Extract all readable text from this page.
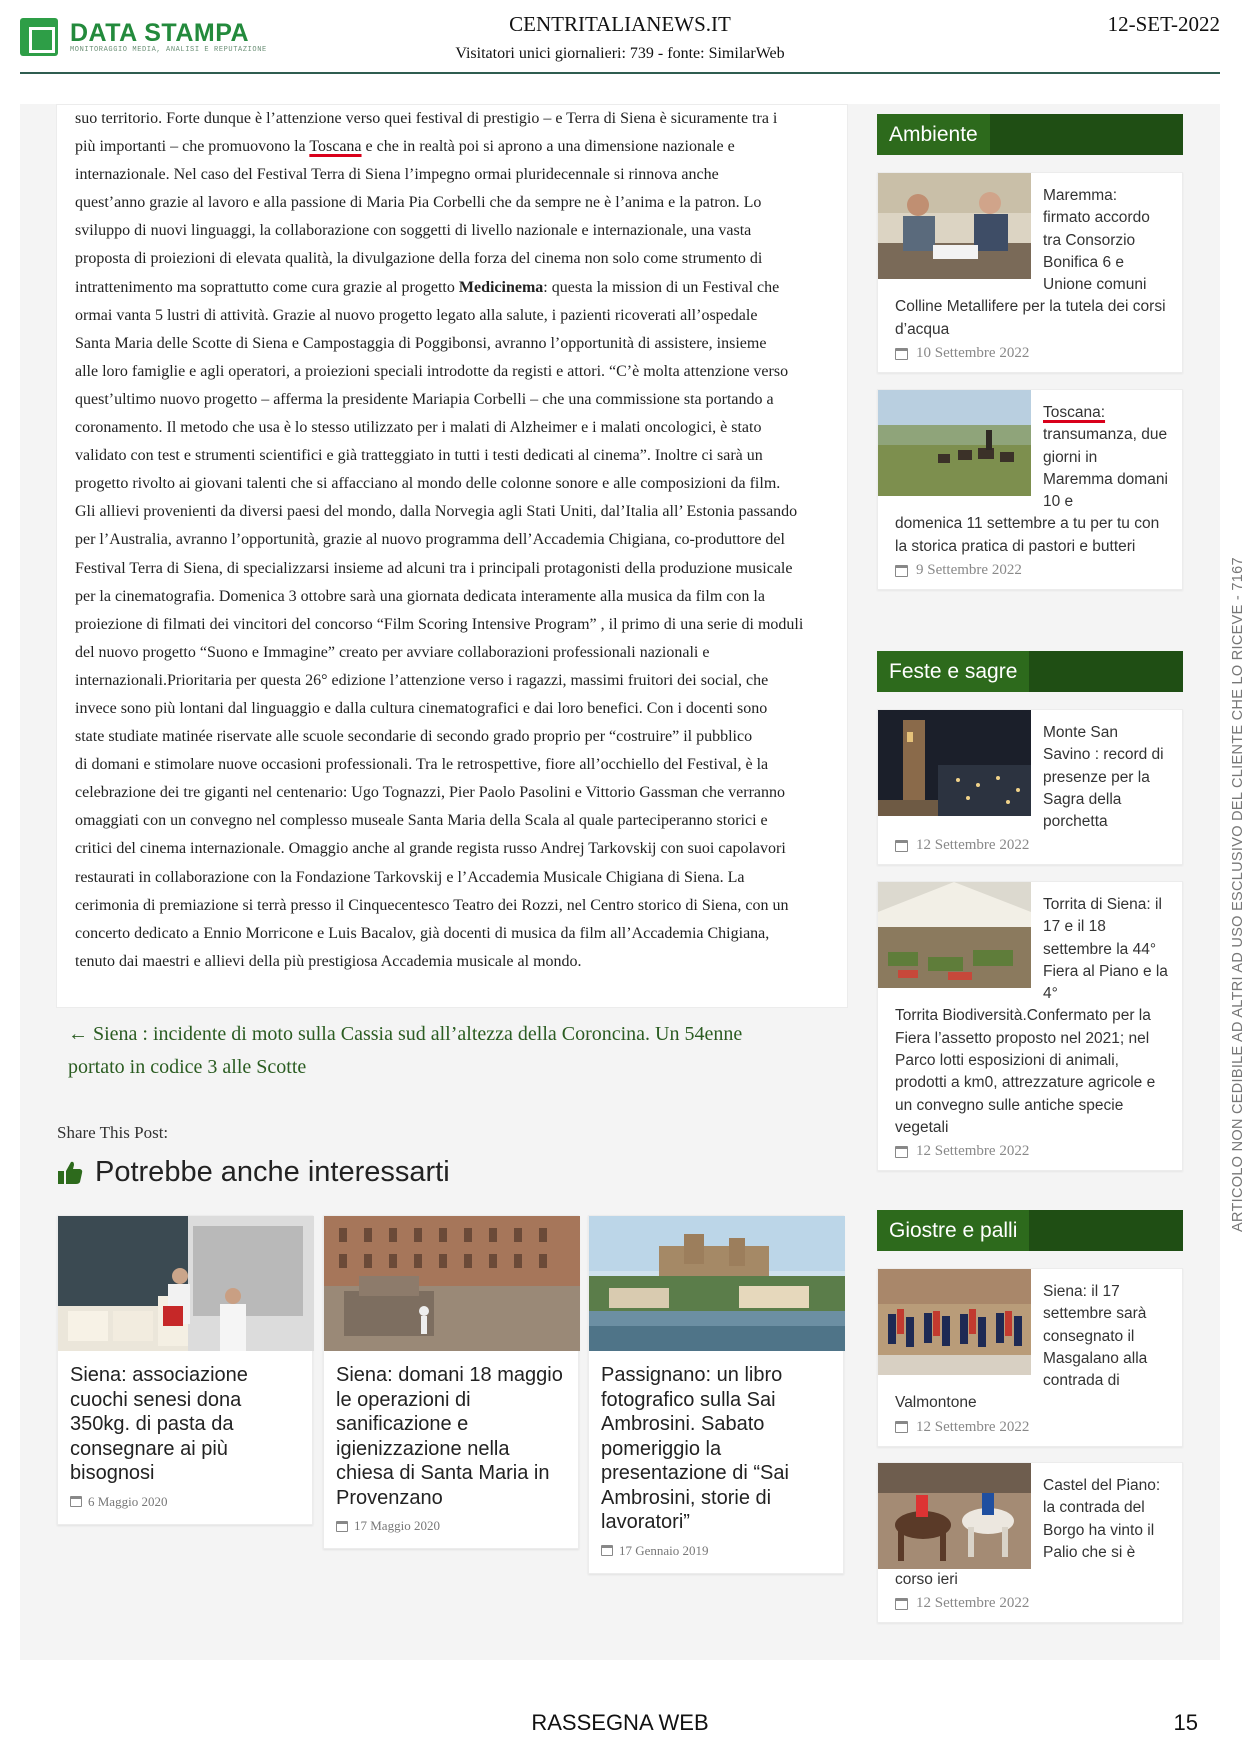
DATA STAMPA
MONITORAGGIO MEDIA, ANALISI E REPUTAZIONE
CENTRITALIANEWS.IT
Visitatori unici giornalieri: 739 - fonte: SimilarWeb
12-SET-2022
suo territorio. Forte dunque è l’attenzione verso quei festival di prestigio – e Terra di Siena è sicuramente tra i
più importanti – che promuovono la Toscana e che in realtà poi si aprono a una dimensione nazionale e
internazionale. Nel caso del Festival Terra di Siena l’impegno ormai pluridecennale si rinnova anche
quest’anno grazie al lavoro e alla passione di Maria Pia Corbelli che da sempre ne è l’anima e la patron. Lo
sviluppo di nuovi linguaggi, la collaborazione con soggetti di livello nazionale e internazionale, una vasta
proposta di proiezioni di elevata qualità, la divulgazione della forza del cinema non solo come strumento di
intrattenimento ma soprattutto come cura grazie al progetto Medicinema: questa la mission di un Festival che
ormai vanta 5 lustri di attività. Grazie al nuovo progetto legato alla salute, i pazienti ricoverati all’ospedale
Santa Maria delle Scotte di Siena e Campostaggia di Poggibonsi, avranno l’opportunità di assistere, insieme
alle loro famiglie e agli operatori, a proiezioni speciali introdotte da registi e attori. “C’è molta attenzione verso
quest’ultimo nuovo progetto – afferma la presidente Mariapia Corbelli – che una commissione sta portando a
coronamento. Il metodo che usa è lo stesso utilizzato per i malati di Alzheimer e i malati oncologici, è stato
validato con test e strumenti scientifici e già tratteggiato in tutti i testi dedicati al cinema”. Inoltre ci sarà un
progetto rivolto ai giovani talenti che si affacciano al mondo delle colonne sonore e alle composizioni da film.
Gli allievi provenienti da diversi paesi del mondo, dalla Norvegia agli Stati Uniti, dal’Italia all’ Estonia passando
per l’Australia, avranno l’opportunità, grazie al nuovo programma dell’Accademia Chigiana, co-produttore del
Festival Terra di Siena, di specializzarsi insieme ad alcuni tra i principali protagonisti della produzione musicale
per la cinematografia. Domenica 3 ottobre sarà una giornata dedicata interamente alla musica da film con la
proiezione di filmati dei vincitori del concorso “Film Scoring Intensive Program” , il primo di una serie di moduli
del nuovo progetto “Suono e Immagine” creato per avviare collaborazioni professionali nazionali e
internazionali.Prioritaria per questa 26° edizione l’attenzione verso i ragazzi, massimi fruitori dei social, che
invece sono più lontani dal linguaggio e dalla cultura cinematografici e dai loro benefici. Con i docenti sono
state studiate matinée riservate alle scuole secondarie di secondo grado proprio per “costruire” il pubblico
di domani e stimolare nuove occasioni professionali. Tra le retrospettive, fiore all’occhiello del Festival, è la
celebrazione dei tre giganti nel centenario: Ugo Tognazzi, Pier Paolo Pasolini e Vittorio Gassman che verranno
omaggiati con un convegno nel complesso museale Santa Maria della Scala al quale parteciperanno storici e
critici del cinema internazionale. Omaggio anche al grande regista russo Andrej Tarkovskij con suoi capolavori
restaurati in collaborazione con la Fondazione Tarkovskij e l’Accademia Musicale Chigiana di Siena. La
cerimonia di premiazione si terrà presso il Cinquecentesco Teatro dei Rozzi, nel Centro storico di Siena, con un
concerto dedicato a Ennio Morricone e Luis Bacalov, già docenti di musica da film all’Accademia Chigiana,
tenuto dai maestri e allievi della più prestigiosa Accademia musicale al mondo.
← Siena : incidente di moto sulla Cassia sud all’altezza della Coroncina. Un 54enne
portato in codice 3 alle Scotte
Share This Post:
Potrebbe anche interessarti
Siena: associazione cuochi senesi dona 350kg. di pasta da consegnare ai più bisognosi
6 Maggio 2020
Siena: domani 18 maggio le operazioni di sanificazione e igienizzazione nella chiesa di Santa Maria in Provenzano
17 Maggio 2020
Passignano: un libro fotografico sulla Sai Ambrosini. Sabato pomeriggio la presentazione di “Sai Ambrosini, storie di lavoratori”
17 Gennaio 2019
Ambiente
Maremma: firmato accordo tra Consorzio Bonifica 6 e Unione comuni
Colline Metallifere per la tutela dei corsi d’acqua
10 Settembre 2022
Toscana:
transumanza, due giorni in Maremma domani 10 e
domenica 11 settembre a tu per tu con la storica pratica di pastori e butteri
9 Settembre 2022
Feste e sagre
Monte San Savino : record di presenze per la Sagra della porchetta
12 Settembre 2022
Torrita di Siena: il 17 e il 18 settembre la 44° Fiera al Piano e la 4°
Torrita Biodiversità.Confermato per la Fiera l’assetto proposto nel 2021; nel Parco lotti esposizioni di animali, prodotti a km0, attrezzature agricole e un convegno sulle antiche specie vegetali
12 Settembre 2022
Giostre e palli
Siena: il 17 settembre sarà consegnato il Masgalano alla contrada di
Valmontone
12 Settembre 2022
Castel del Piano: la contrada del Borgo ha vinto il Palio che si è
corso ieri
12 Settembre 2022
ARTICOLO NON CEDIBILE AD ALTRI AD USO ESCLUSIVO DEL CLIENTE CHE LO RICEVE - 7167
RASSEGNA WEB	15
